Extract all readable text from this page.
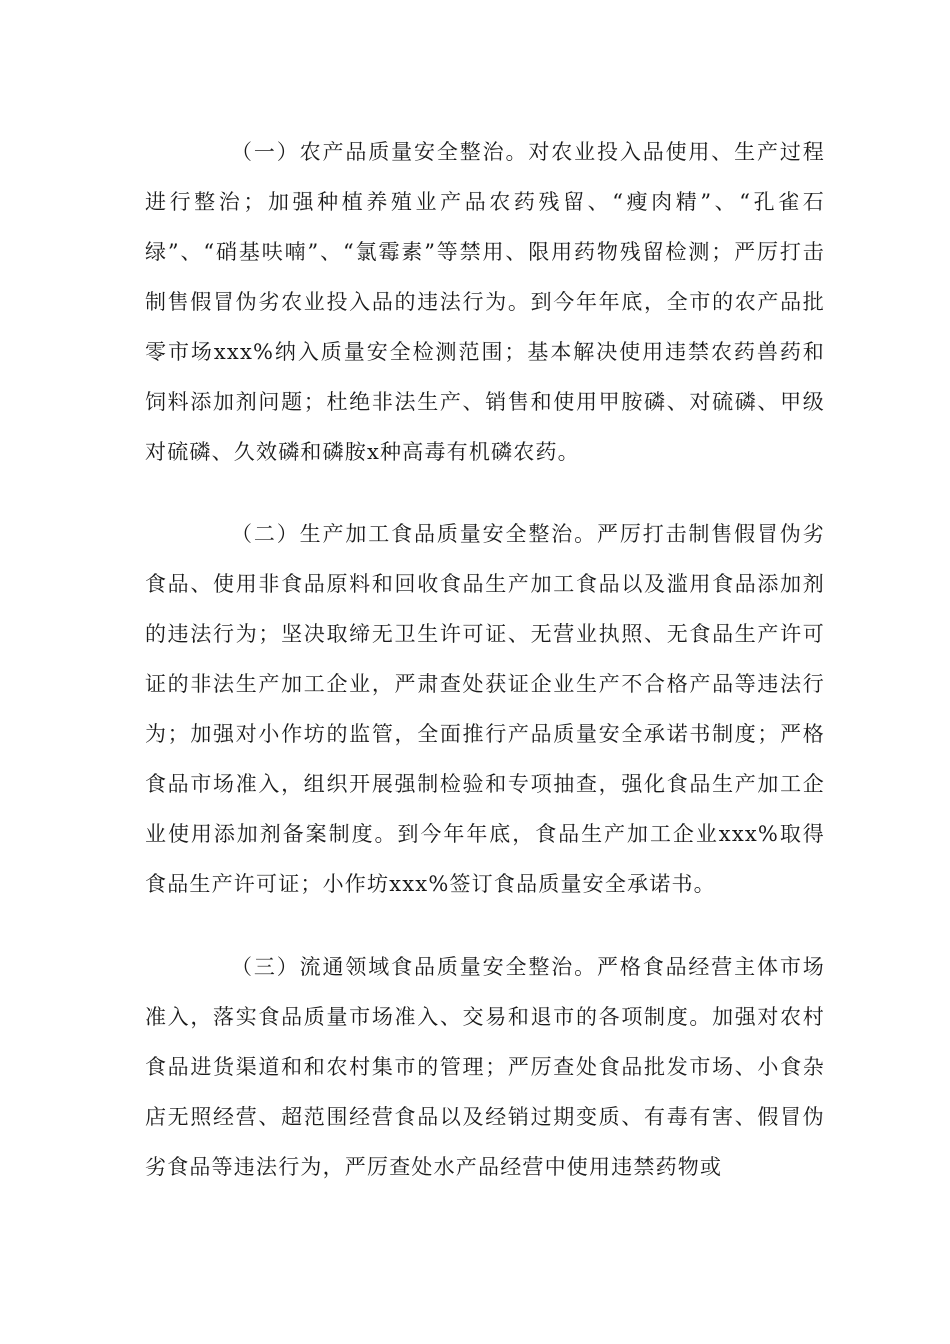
（一）农产品质量安全整治。对农业投入品使用、生产过程进行整治；加强种植养殖业产品农药残留、“瘦肉精”、“孔雀石绿”、“硝基呋喃”、“氯霉素”等禁用、限用药物残留检测；严厉打击制售假冒伪劣农业投入品的违法行为。到今年年底，全市的农产品批零市场xxx%纳入质量安全检测范围；基本解决使用违禁农药兽药和饲料添加剂问题；杜绝非法生产、销售和使用甲胺磷、对硫磷、甲级对硫磷、久效磷和磷胺x种高毒有机磷农药。

（二）生产加工食品质量安全整治。严厉打击制售假冒伪劣食品、使用非食品原料和回收食品生产加工食品以及滥用食品添加剂的违法行为；坚决取缔无卫生许可证、无营业执照、无食品生产许可证的非法生产加工企业，严肃查处获证企业生产不合格产品等违法行为；加强对小作坊的监管，全面推行产品质量安全承诺书制度；严格食品市场准入，组织开展强制检验和专项抽查，强化食品生产加工企业使用添加剂备案制度。到今年年底，食品生产加工企业xxx%取得食品生产许可证；小作坊xxx%签订食品质量安全承诺书。

（三）流通领域食品质量安全整治。严格食品经营主体市场准入，落实食品质量市场准入、交易和退市的各项制度。加强对农村食品进货渠道和和农村集市的管理；严厉查处食品批发市场、小食杂店无照经营、超范围经营食品以及经销过期变质、有毒有害、假冒伪劣食品等违法行为，严厉查处水产品经营中使用违禁药物或
